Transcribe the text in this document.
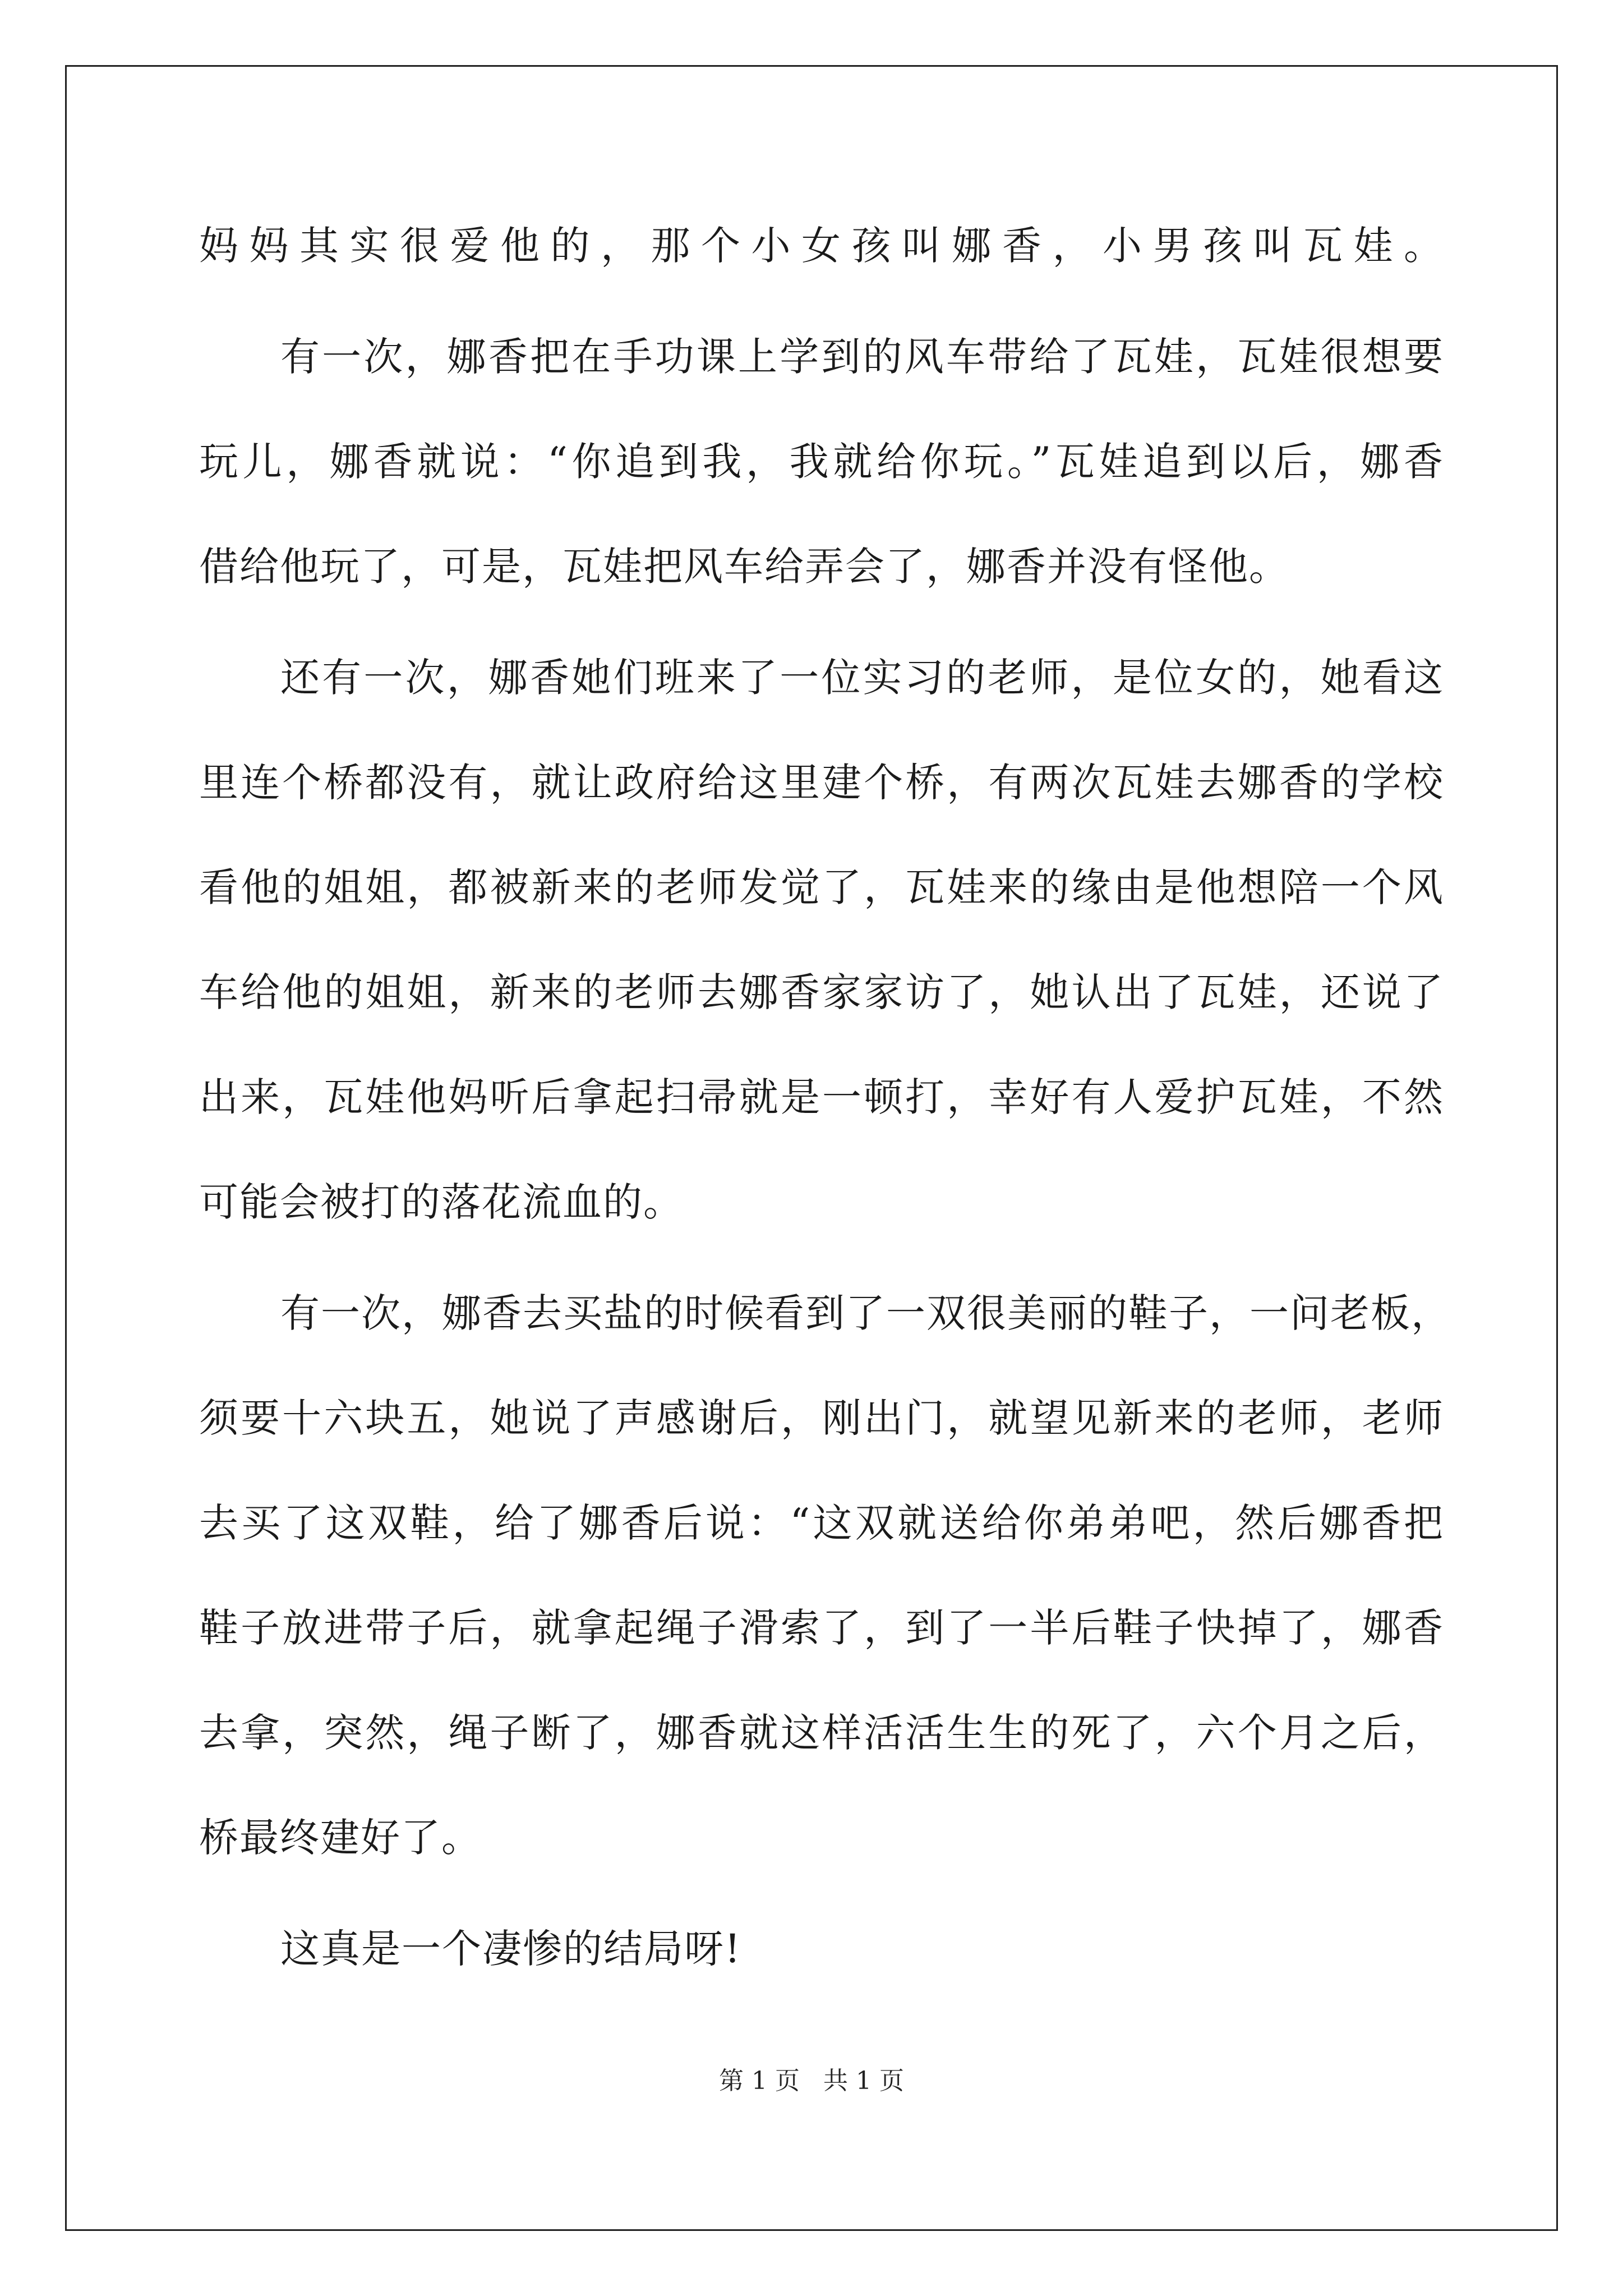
妈妈其实很爱他的，那个小女孩叫娜香，小男孩叫瓦娃。
有一次，娜香把在手功课上学到的风车带给了瓦娃，瓦娃很想要
玩儿，娜香就说：“你追到我，我就给你玩。”瓦娃追到以后，娜香
借给他玩了，可是，瓦娃把风车给弄会了，娜香并没有怪他。
还有一次，娜香她们班来了一位实习的老师，是位女的，她看这
里连个桥都没有，就让政府给这里建个桥，有两次瓦娃去娜香的学校
看他的姐姐，都被新来的老师发觉了，瓦娃来的缘由是他想陪一个风
车给他的姐姐，新来的老师去娜香家家访了，她认出了瓦娃，还说了
出来，瓦娃他妈听后拿起扫帚就是一顿打，幸好有人爱护瓦娃，不然
可能会被打的落花流血的。
有一次，娜香去买盐的时候看到了一双很美丽的鞋子，一问老板，
须要十六块五，她说了声感谢后，刚出门，就望见新来的老师，老师
去买了这双鞋，给了娜香后说：“这双就送给你弟弟吧，然后娜香把
鞋子放进带子后，就拿起绳子滑索了，到了一半后鞋子快掉了，娜香
去拿，突然，绳子断了，娜香就这样活活生生的死了，六个月之后，
桥最终建好了。
这真是一个凄惨的结局呀!
第 1 页   共 1 页
